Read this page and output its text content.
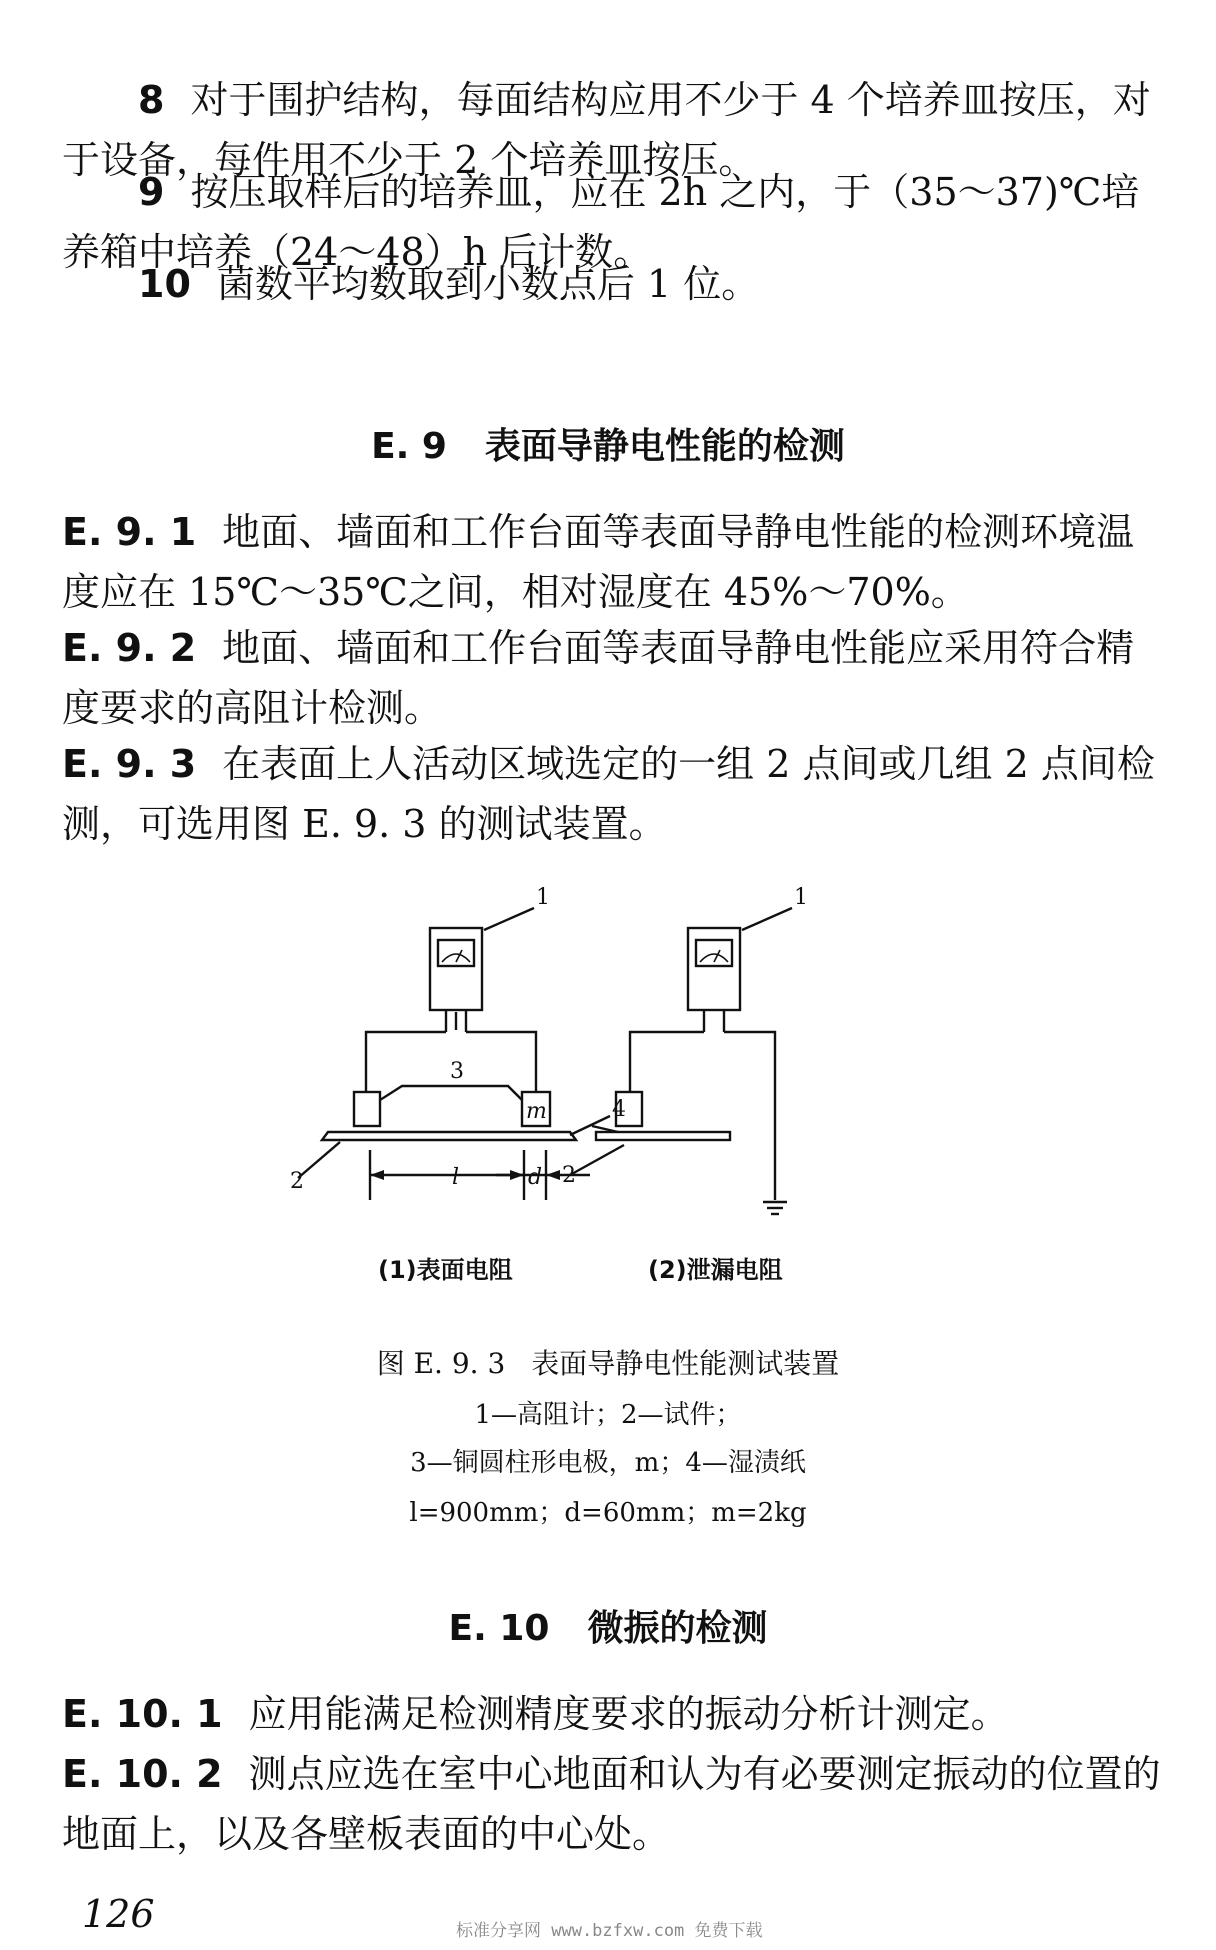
8 对于围护结构，每面结构应用不少于 4 个培养皿按压，对于设备，每件用不少于 2 个培养皿按压。

9 按压取样后的培养皿，应在 2h 之内，于（35～37)℃培养箱中培养（24～48）h 后计数。

10 菌数平均数取到小数点后 1 位。

E. 9 表面导静电性能的检测

E. 9. 1 地面、墙面和工作台面等表面导静电性能的检测环境温度应在 15℃～35℃之间，相对湿度在 45%～70%。

E. 9. 2 地面、墙面和工作台面等表面导静电性能应采用符合精度要求的高阻计检测。

E. 9. 3 在表面上人活动区域选定的一组 2 点间或几组 2 点间检测，可选用图 E. 9. 3 的测试装置。

1	1
3
m	4
2	2
l	d
(1)表面电阻	(2)泄漏电阻
图 E. 9. 3 表面导静电性能测试装置
1—高阻计；2—试件；
3—铜圆柱形电极，m；4—湿渍纸
l=900mm；d=60mm；m=2kg
E. 10 微振的检测

E. 10. 1 应用能满足检测精度要求的振动分析计测定。

E. 10. 2 测点应选在室中心地面和认为有必要测定振动的位置的地面上，以及各壁板表面的中心处。

126	标准分享网 www.bzfxw.com 免费下载
